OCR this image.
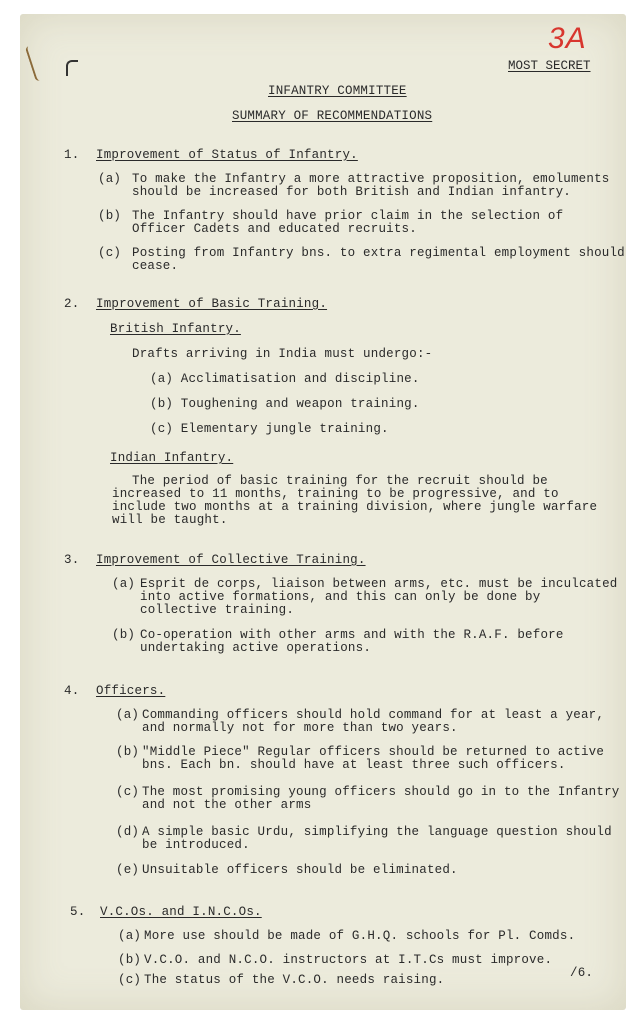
3A
MOST SECRET
INFANTRY COMMITTEE
SUMMARY OF RECOMMENDATIONS
1. Improvement of Status of Infantry.
(a) To make the Infantry a more attractive proposition, emoluments
should be increased for both British and Indian infantry.
(b) The Infantry should have prior claim in the selection of
Officer Cadets and educated recruits.
(c) Posting from Infantry bns. to extra regimental employment should
cease.
2. Improvement of Basic Training.
British Infantry.
Drafts arriving in India must undergo:-
(a) Acclimatisation and discipline.
(b) Toughening and weapon training.
(c) Elementary jungle training.
Indian Infantry.
The period of basic training for the recruit should be
increased to 11 months, training to be progressive, and to
include two months at a training division, where jungle warfare
will be taught.
3. Improvement of Collective Training.
(a) Esprit de corps, liaison between arms, etc. must be inculcated
into active formations, and this can only be done by
collective training.
(b) Co-operation with other arms and with the R.A.F. before
undertaking active operations.
4. Officers.
(a) Commanding officers should hold command for at least a year,
and normally not for more than two years.
(b) "Middle Piece" Regular officers should be returned to active
bns. Each bn. should have at least three such officers.
(c) The most promising young officers should go in to the Infantry
and not the other arms
(d) A simple basic Urdu, simplifying the language question should
be introduced.
(e) Unsuitable officers should be eliminated.
5. V.C.Os. and I.N.C.Os.
(a) More use should be made of G.H.Q. schools for Pl. Comds.
(b) V.C.O. and N.C.O. instructors at I.T.Cs must improve.
(c) The status of the V.C.O. needs raising.	/6.
